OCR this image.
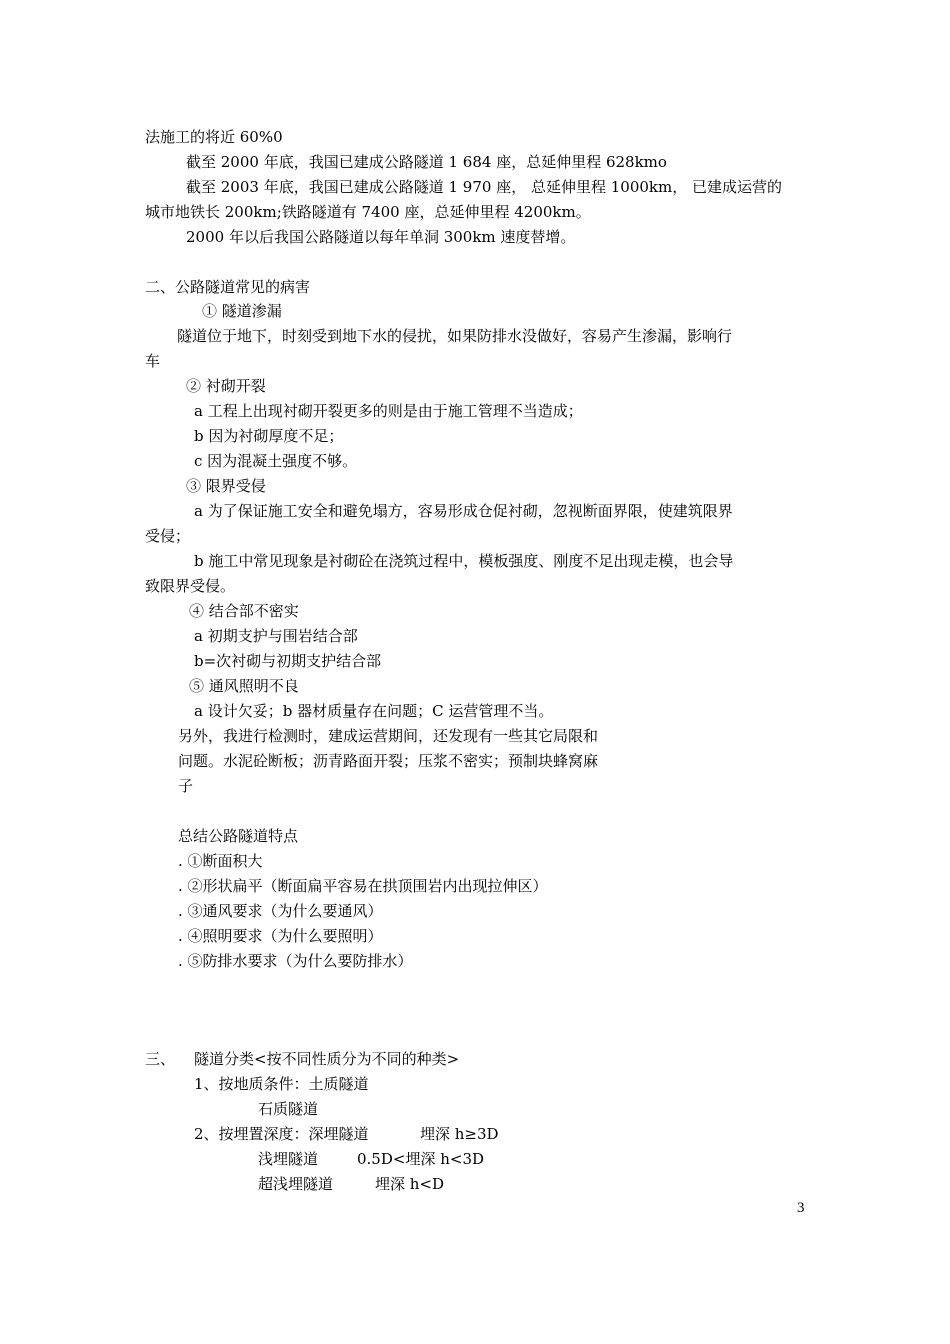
法施工的将近 60%0
截至 2000 年底，我国已建成公路隧道 1 684 座，总延伸里程 628kmo
截至 2003 年底，我国已建成公路隧道 1 970 座， 总延伸里程 1000km， 已建成运营的
城市地铁长 200km;铁路隧道有 7400 座，总延伸里程 4200km。
2000 年以后我国公路隧道以每年单洞 300km 速度替增。
二、公路隧道常见的病害
① 隧道渗漏
隧道位于地下，时刻受到地下水的侵扰，如果防排水没做好，容易产生渗漏，影响行
车
② 衬砌开裂
a 工程上出现衬砌开裂更多的则是由于施工管理不当造成；
b 因为衬砌厚度不足；
c 因为混凝土强度不够。
③ 限界受侵
a 为了保证施工安全和避免塌方，容易形成仓促衬砌，忽视断面界限，使建筑限界
受侵；
b 施工中常见现象是衬砌砼在浇筑过程中，模板强度、刚度不足出现走模，也会导
致限界受侵。
④ 结合部不密实
a 初期支护与围岩结合部
b=次衬砌与初期支护结合部
⑤ 通风照明不良
a 设计欠妥；b 器材质量存在问题；C 运营管理不当。
另外，我进行检测时，建成运营期间，还发现有一些其它局限和
问题。水泥砼断板；沥青路面开裂；压浆不密实；预制块蜂窝麻
子
总结公路隧道特点
. ①断面积大
. ②形状扁平（断面扁平容易在拱顶围岩内出现拉伸区）
. ③通风要求（为什么要通风）
. ④照明要求（为什么要照明）
. ⑤防排水要求（为什么要防排水）
三、 隧道分类<按不同性质分为不同的种类>
1、按地质条件：土质隧道
石质隧道
2、按埋置深度：深埋隧道	埋深 h≥3D
浅埋隧道	0.5D<埋深 h<3D
超浅埋隧道	埋深 h<D
3
